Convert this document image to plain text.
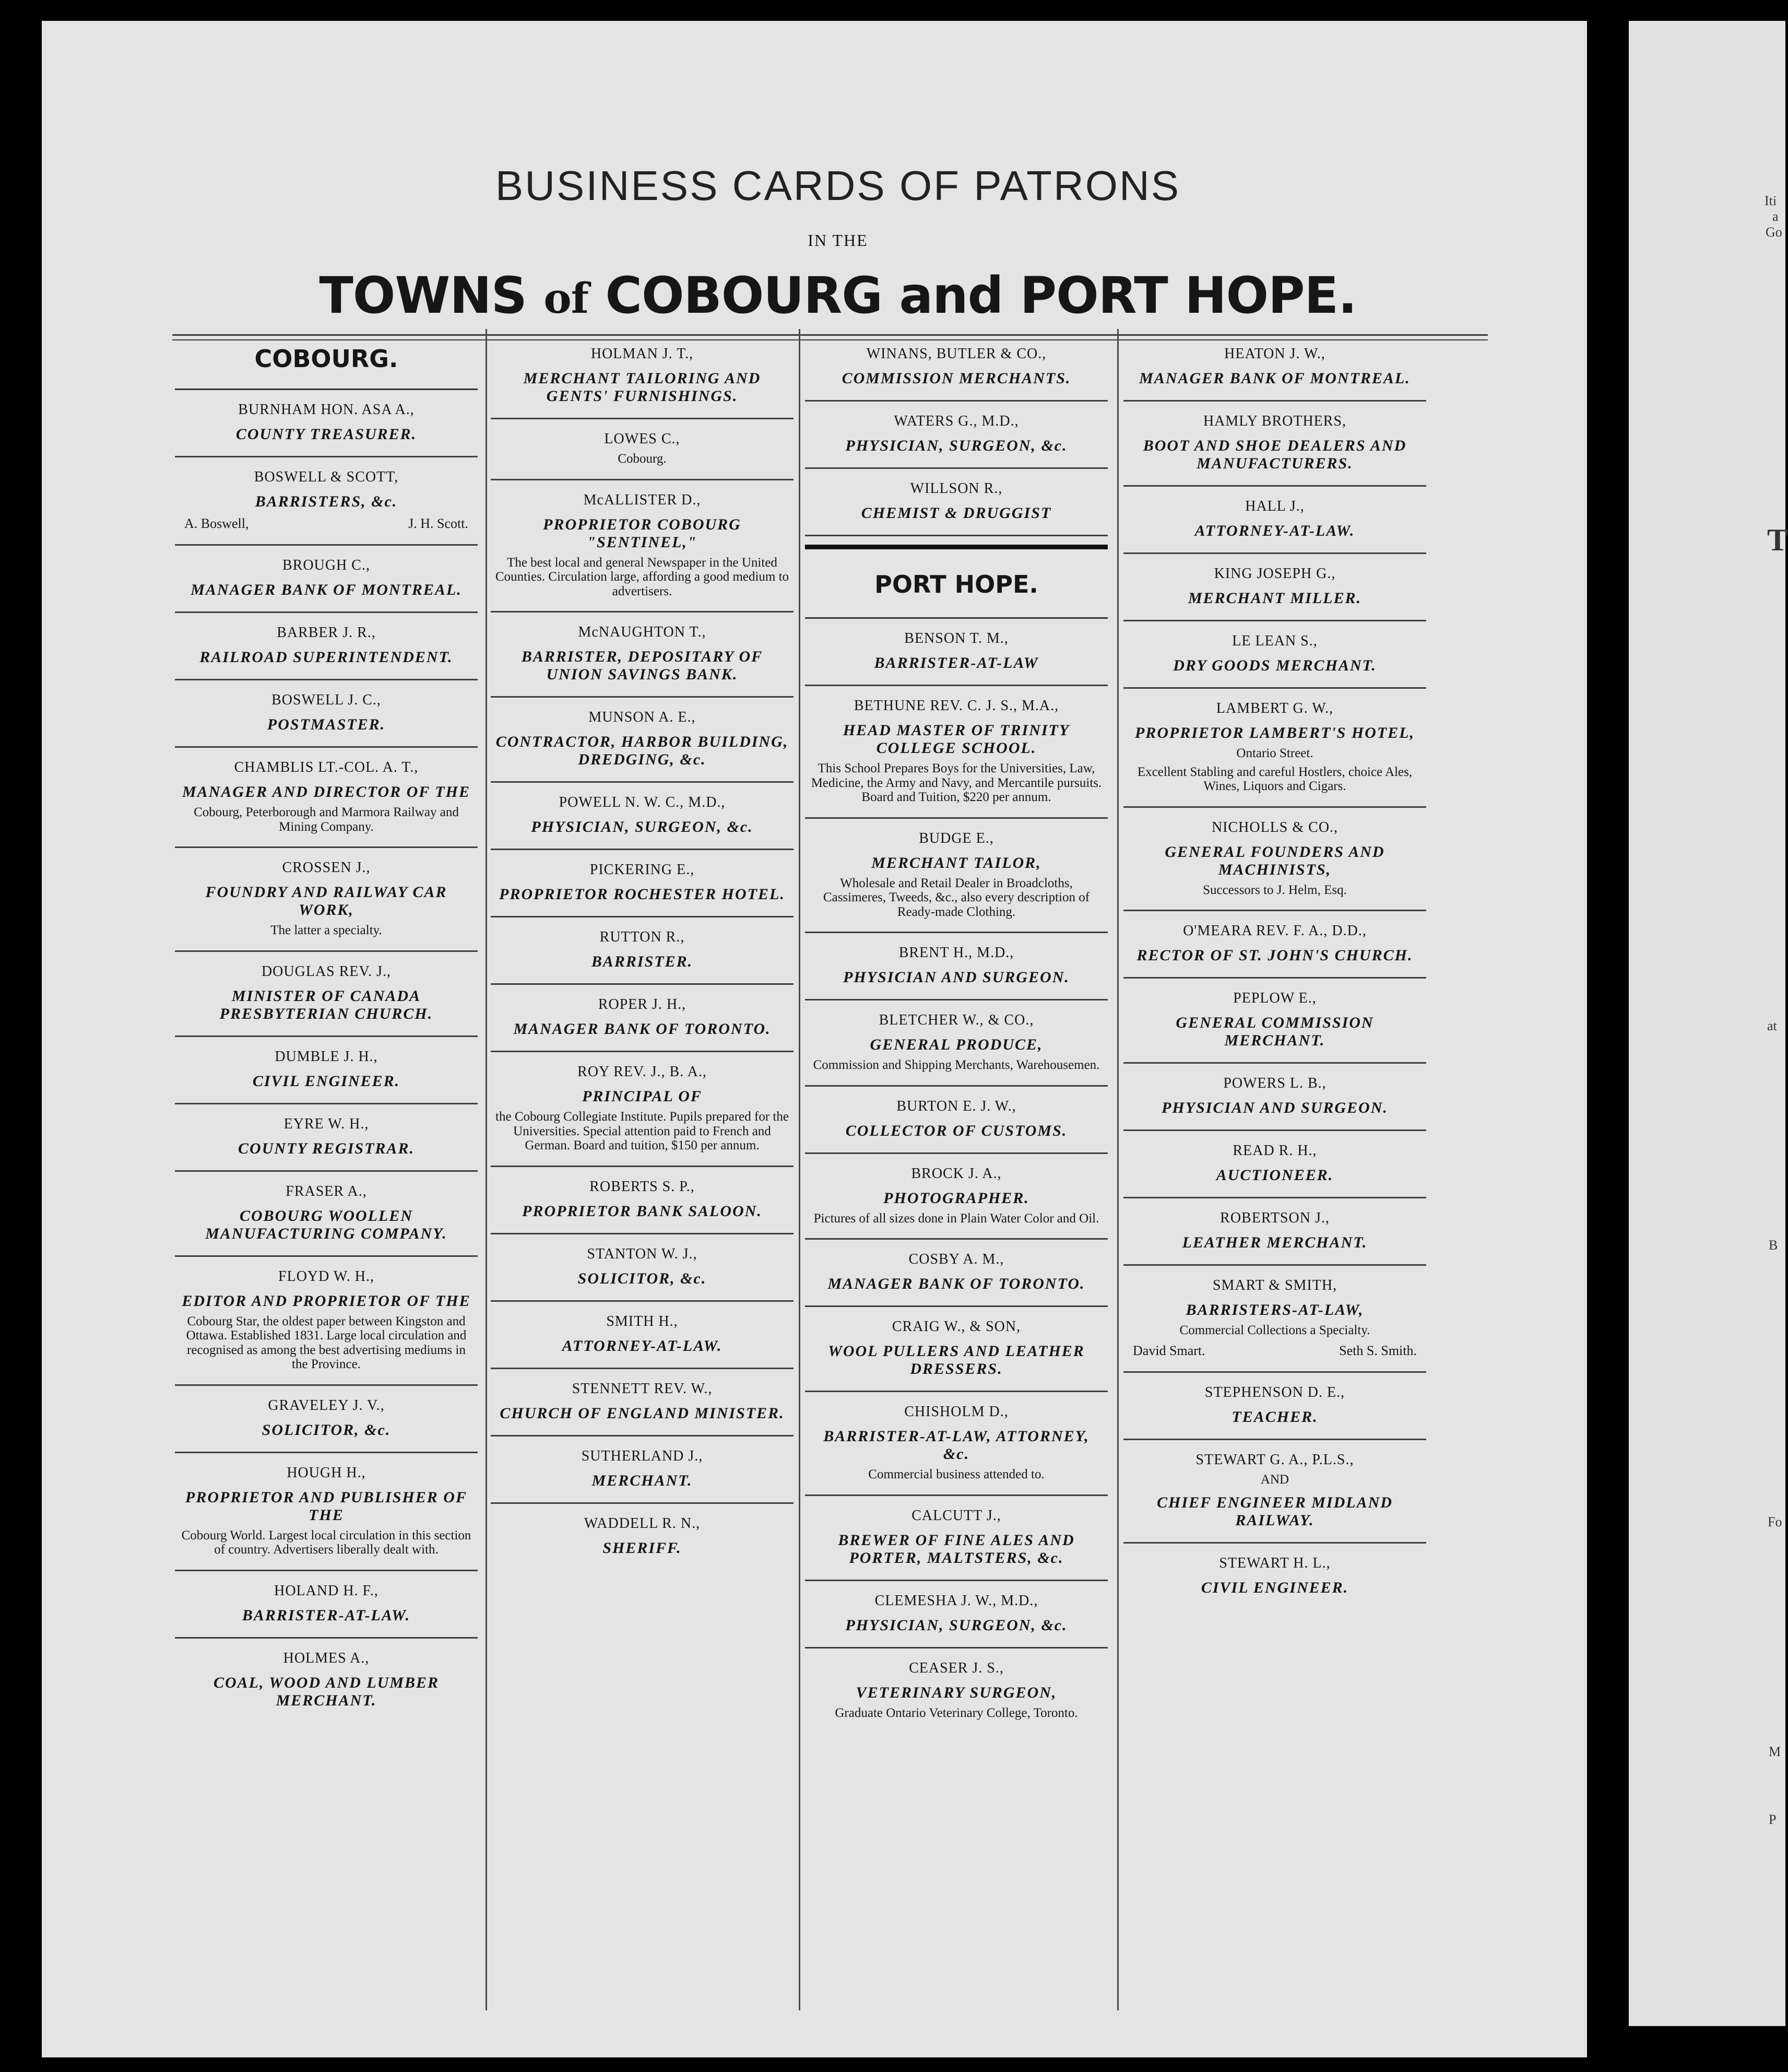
BUSINESS CARDS OF PATRONS
IN THE
TOWNS of COBOURG and PORT HOPE.
COBOURG.
BURNHAM HON. ASA A.,
COUNTY TREASURER.
BOSWELL & SCOTT,
BARRISTERS, &c.
A. Boswell,	J. H. Scott.
BROUGH C.,
MANAGER BANK OF MONTREAL.
BARBER J. R.,
RAILROAD SUPERINTENDENT.
BOSWELL J. C.,
POSTMASTER.
CHAMBLIS LT.-COL. A. T.,
MANAGER AND DIRECTOR OF THE
Cobourg, Peterborough and Marmora Railway and Mining Company.
CROSSEN J.,
FOUNDRY AND RAILWAY CAR WORK,
The latter a specialty.
DOUGLAS REV. J.,
MINISTER OF CANADA PRESBYTERIAN CHURCH.
DUMBLE J. H.,
CIVIL ENGINEER.
EYRE W. H.,
COUNTY REGISTRAR.
FRASER A.,
COBOURG WOOLLEN MANUFACTURING COMPANY.
FLOYD W. H.,
EDITOR AND PROPRIETOR OF THE
Cobourg Star, the oldest paper between Kingston and Ottawa. Established 1831. Large local circulation and recognised as among the best advertising mediums in the Province.
GRAVELEY J. V.,
SOLICITOR, &c.
HOUGH H.,
PROPRIETOR AND PUBLISHER OF THE
Cobourg World. Largest local circulation in this section of country. Advertisers liberally dealt with.
HOLAND H. F.,
BARRISTER-AT-LAW.
HOLMES A.,
COAL, WOOD AND LUMBER MERCHANT.
HOLMAN J. T.,
MERCHANT TAILORING AND GENTS' FURNISHINGS.
LOWES C.,
Cobourg.
McALLISTER D.,
PROPRIETOR COBOURG "SENTINEL,"
The best local and general Newspaper in the United Counties. Circulation large, affording a good medium to advertisers.
McNAUGHTON T.,
BARRISTER, DEPOSITARY OF UNION SAVINGS BANK.
MUNSON A. E.,
CONTRACTOR, HARBOR BUILDING, DREDGING, &c.
POWELL N. W. C., M.D.,
PHYSICIAN, SURGEON, &c.
PICKERING E.,
PROPRIETOR ROCHESTER HOTEL.
RUTTON R.,
BARRISTER.
ROPER J. H.,
MANAGER BANK OF TORONTO.
ROY REV. J., B. A.,
PRINCIPAL OF
the Cobourg Collegiate Institute. Pupils prepared for the Universities. Special attention paid to French and German. Board and tuition, $150 per annum.
ROBERTS S. P.,
PROPRIETOR BANK SALOON.
STANTON W. J.,
SOLICITOR, &c.
SMITH H.,
ATTORNEY-AT-LAW.
STENNETT REV. W.,
CHURCH OF ENGLAND MINISTER.
SUTHERLAND J.,
MERCHANT.
WADDELL R. N.,
SHERIFF.
WINANS, BUTLER & CO.,
COMMISSION MERCHANTS.
WATERS G., M.D.,
PHYSICIAN, SURGEON, &c.
WILLSON R.,
CHEMIST & DRUGGIST
PORT HOPE.
BENSON T. M.,
BARRISTER-AT-LAW
BETHUNE REV. C. J. S., M.A.,
HEAD MASTER OF TRINITY COLLEGE SCHOOL.
This School Prepares Boys for the Universities, Law, Medicine, the Army and Navy, and Mercantile pursuits. Board and Tuition, $220 per annum.
BUDGE E.,
MERCHANT TAILOR,
Wholesale and Retail Dealer in Broadcloths, Cassimeres, Tweeds, &c., also every description of Ready-made Clothing.
BRENT H., M.D.,
PHYSICIAN AND SURGEON.
BLETCHER W., & CO.,
GENERAL PRODUCE,
Commission and Shipping Merchants, Warehousemen.
BURTON E. J. W.,
COLLECTOR OF CUSTOMS.
BROCK J. A.,
PHOTOGRAPHER.
Pictures of all sizes done in Plain Water Color and Oil.
COSBY A. M.,
MANAGER BANK OF TORONTO.
CRAIG W., & SON,
WOOL PULLERS AND LEATHER DRESSERS.
CHISHOLM D.,
BARRISTER-AT-LAW, ATTORNEY, &c.
Commercial business attended to.
CALCUTT J.,
BREWER OF FINE ALES AND PORTER, MALTSTERS, &c.
CLEMESHA J. W., M.D.,
PHYSICIAN, SURGEON, &c.
CEASER J. S.,
VETERINARY SURGEON,
Graduate Ontario Veterinary College, Toronto.
HEATON J. W.,
MANAGER BANK OF MONTREAL.
HAMLY BROTHERS,
BOOT AND SHOE DEALERS AND MANUFACTURERS.
HALL J.,
ATTORNEY-AT-LAW.
KING JOSEPH G.,
MERCHANT MILLER.
LE LEAN S.,
DRY GOODS MERCHANT.
LAMBERT G. W.,
PROPRIETOR LAMBERT'S HOTEL,
Ontario Street.
Excellent Stabling and careful Hostlers, choice Ales, Wines, Liquors and Cigars.
NICHOLLS & CO.,
GENERAL FOUNDERS AND MACHINISTS,
Successors to J. Helm, Esq.
O'MEARA REV. F. A., D.D.,
RECTOR OF ST. JOHN'S CHURCH.
PEPLOW E.,
GENERAL COMMISSION MERCHANT.
POWERS L. B.,
PHYSICIAN AND SURGEON.
READ R. H.,
AUCTIONEER.
ROBERTSON J.,
LEATHER MERCHANT.
SMART & SMITH,
BARRISTERS-AT-LAW,
Commercial Collections a Specialty.
David Smart.	Seth S. Smith.
STEPHENSON D. E.,
TEACHER.
STEWART G. A., P.L.S.,
AND
CHIEF ENGINEER MIDLAND RAILWAY.
STEWART H. L.,
CIVIL ENGINEER.
Iti
a
Go
T
at
B
Fo
M
P
